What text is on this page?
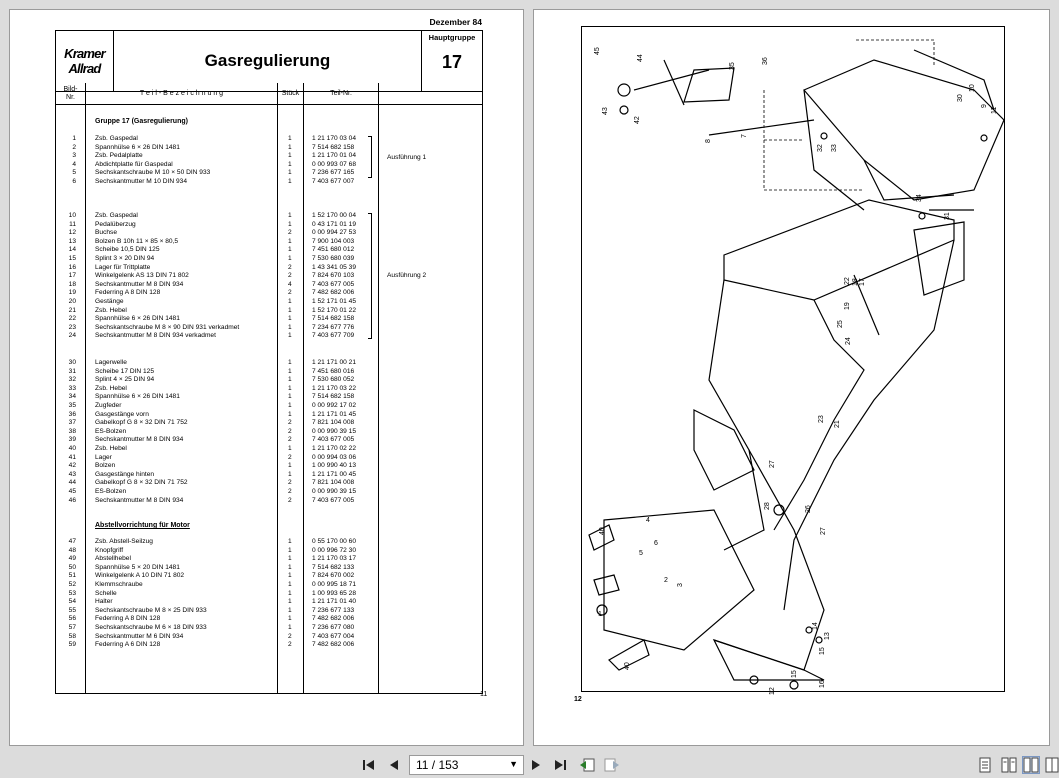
Dezember 84
Kramer
Allrad	Gasregulierung
Hauptgruppe
17
Bild-
Nr.
T e i l - B e z e i c h n u n g	Stück	Teil-Nr.
Gruppe 17 (Gasregulierung)
Abstellvorrichtung für Motor
Ausführung 1
Ausführung 2
11
1	Zsb. Gaspedal	1	1 21 170 03 04
2	Spannhülse 6 × 26 DIN 1481	1	7 514 682 158
3	Zsb. Pedalplatte	1	1 21 170 01 04
4	Abdichtplatte für Gaspedal	1	0 00 993 07 68
5	Sechskantschraube M 10 × 50 DIN 933	1	7 236 677 165
6	Sechskantmutter M 10 DIN 934	1	7 403 677 007
10	Zsb. Gaspedal	1	1 52 170 00 04
11	Pedalüberzug	1	0 43 171 01 19
12	Buchse	2	0 00 994 27 53
13	Bolzen B 10h 11 × 85 × 80,5	1	7 900 104 003
14	Scheibe 10,5 DIN 125	1	7 451 680 012
15	Splint 3 × 20 DIN 94	1	7 530 680 039
16	Lager für Trittplatte	2	1 43 341 05 39
17	Winkelgelenk AS 13 DIN 71 802	2	7 824 670 103
18	Sechskantmutter M 8 DIN 934	4	7 403 677 005
19	Federring A 8 DIN 128	2	7 482 682 006
20	Gestänge	1	1 52 171 01 45
21	Zsb. Hebel	1	1 52 170 01 22
22	Spannhülse 6 × 26 DIN 1481	1	7 514 682 158
23	Sechskantschraube M 8 × 90 DIN 931 verkadmet	1	7 234 677 776
24	Sechskantmutter M 8 DIN 934 verkadmet	1	7 403 677 709
30	Lagerwelle	1	1 21 171 00 21
31	Scheibe 17 DIN 125	1	7 451 680 016
32	Splint 4 × 25 DIN 94	1	7 530 680 052
33	Zsb. Hebel	1	1 21 170 03 22
34	Spannhülse 6 × 26 DIN 1481	1	7 514 682 158
35	Zugfeder	1	0 00 992 17 02
36	Gasgestänge vorn	1	1 21 171 01 45
37	Gabelkopf G 8 × 32 DIN 71 752	2	7 821 104 008
38	ES-Bolzen	2	0 00 990 39 15
39	Sechskantmutter M 8 DIN 934	2	7 403 677 005
40	Zsb. Hebel	1	1 21 170 02 22
41	Lager	2	0 00 994 03 06
42	Bolzen	1	1 00 990 40 13
43	Gasgestänge hinten	1	1 21 171 00 45
44	Gabelkopf G 8 × 32 DIN 71 752	2	7 821 104 008
45	ES-Bolzen	2	0 00 990 39 15
46	Sechskantmutter M 8 DIN 934	2	7 403 677 005
47	Zsb. Abstell-Seilzug	1	0 55 170 00 60
48	Knopfgriff	1	0 00 996 72 30
49	Abstellhebel	1	1 21 170 03 17
50	Spannhülse 5 × 20 DIN 1481	1	7 514 682 133
51	Winkelgelenk A 10 DIN 71 802	1	7 824 670 002
52	Klemmschraube	1	0 00 995 18 71
53	Schelle	1	1 00 993 65 28
54	Halter	1	1 21 171 01 40
55	Sechskantschraube M 8 × 25 DIN 933	1	7 236 677 133
56	Federring A 8 DIN 128	1	7 482 682 006
57	Sechskantschraube M 6 × 18 DIN 933	1	7 236 677 080
58	Sechskantmutter M 6 DIN 934	2	7 403 677 004
59	Federring A 6 DIN 128	2	7 482 682 006
45
44	36
35
30
10
9
11
43
42
8
7
32 33
31
34
17
18
19
22
25
24
23
21
27
28	26
27
40
1
2
3
4
5
6
14
13
15
16
12
15
40
12
11 / 153	▼
